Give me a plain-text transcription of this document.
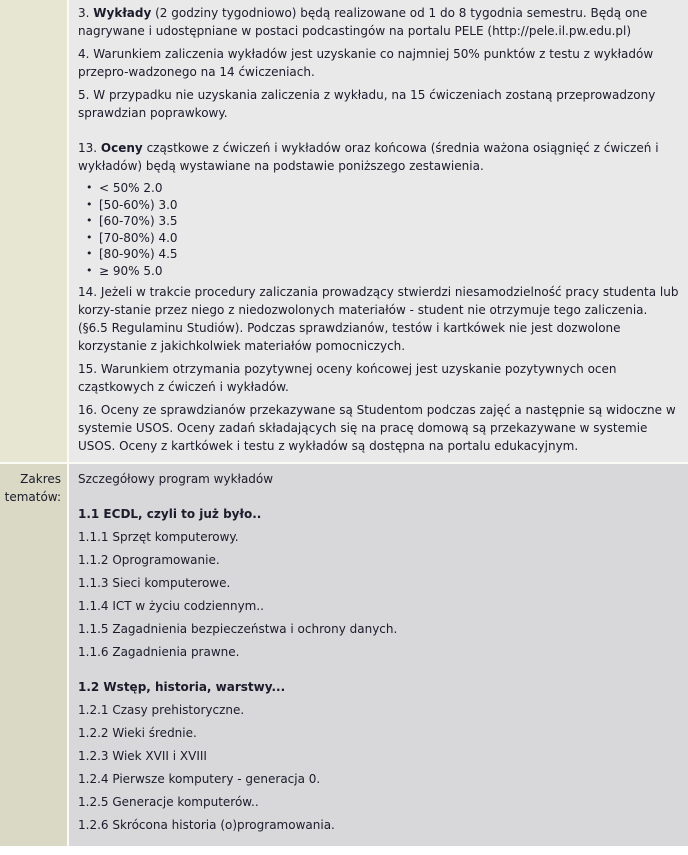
3. Wykłady (2 godziny tygodniowo) będą realizowane od 1 do 8 tygodnia semestru. Będą one nagrywane i udostępniane w postaci podcastingów na portalu PELE (http://pele.il.pw.edu.pl)

4. Warunkiem zaliczenia wykładów jest uzyskanie co najmniej 50% punktów z testu z wykładów przepro-wadzonego na 14 ćwiczeniach.

5. W przypadku nie uzyskania zaliczenia z wykładu, na 15 ćwiczeniach zostaną przeprowadzony sprawdzian poprawkowy.

13. Oceny cząstkowe z ćwiczeń i wykładów oraz końcowa (średnia ważona osiągnięć z ćwiczeń i wykładów) będą wystawiane na podstawie poniższego zestawienia.

• < 50% 2.0
• [50-60%) 3.0
• [60-70%) 3.5
• [70-80%) 4.0
• [80-90%) 4.5
• ≥ 90% 5.0

14. Jeżeli w trakcie procedury zaliczania prowadzący stwierdzi niesamodzielność pracy studenta lub korzy-stanie przez niego z niedozwolonych materiałów - student nie otrzymuje tego zaliczenia. (§6.5 Regulaminu Studiów). Podczas sprawdzianów, testów i kartkówek nie jest dozwolone korzystanie z jakichkolwiek materiałów pomocniczych.

15. Warunkiem otrzymania pozytywnej oceny końcowej jest uzyskanie pozytywnych ocen cząstkowych z ćwiczeń i wykładów.

16. Oceny ze sprawdzianów przekazywane są Studentom podczas zajęć a następnie są widoczne w systemie USOS. Oceny zadań składających się na pracę domową są przekazywane w systemie USOS. Oceny z kartkówek i testu z wykładów są dostępna na portalu edukacyjnym.

Zakres tematów:

Szczegółowy program wykładów

1.1 ECDL, czyli to już było..
1.1.1 Sprzęt komputerowy.
1.1.2 Oprogramowanie.
1.1.3 Sieci komputerowe.
1.1.4 ICT w życiu codziennym..
1.1.5 Zagadnienia bezpieczeństwa i ochrony danych.
1.1.6 Zagadnienia prawne.
1.2 Wstęp, historia, warstwy...
1.2.1 Czasy prehistoryczne.
1.2.2 Wieki średnie.
1.2.3 Wiek XVII i XVIII
1.2.4 Pierwsze komputery - generacja 0.
1.2.5 Generacje komputerów..
1.2.6 Skrócona historia (o)programowania.
